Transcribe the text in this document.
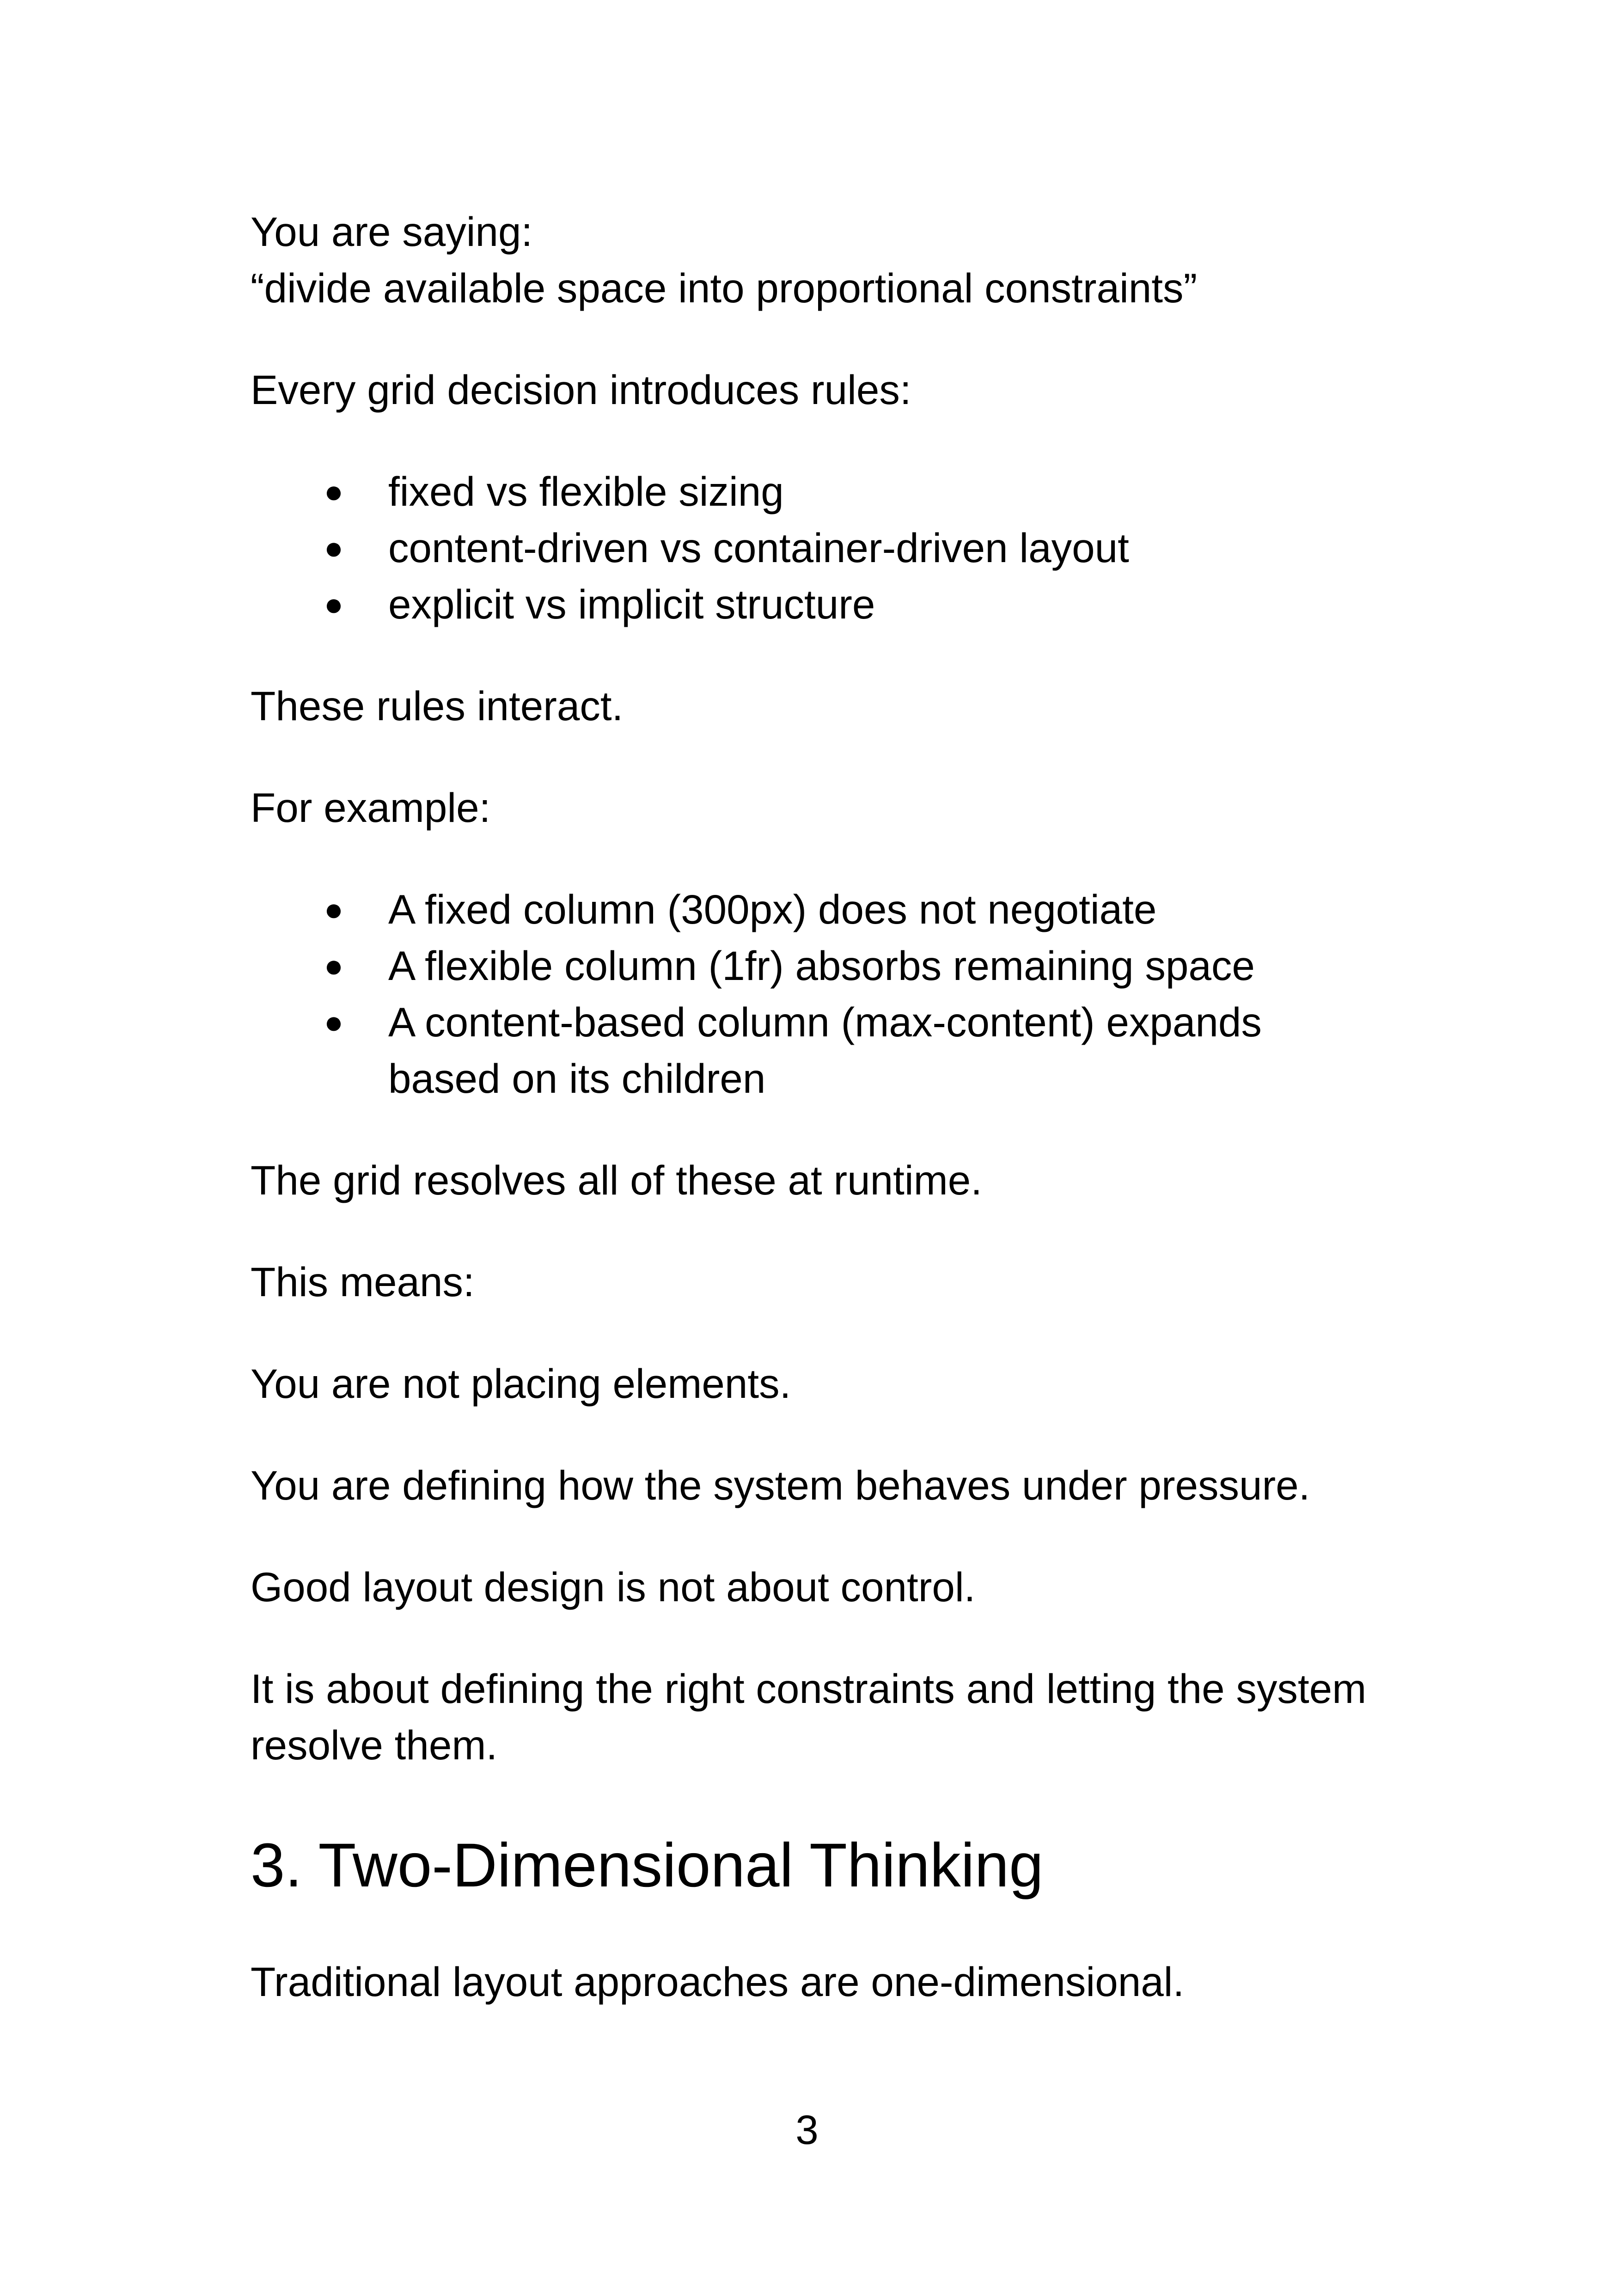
You are saying:

“divide available space into proportional constraints”

Every grid decision introduces rules:

● fixed vs flexible sizing
● content-driven vs container-driven layout
● explicit vs implicit structure

These rules interact.

For example:

● A fixed column (300px) does not negotiate
● A flexible column (1fr) absorbs remaining space
● A content-based column (max-content) expands based on its children

The grid resolves all of these at runtime.

This means:

You are not placing elements.

You are defining how the system behaves under pressure.

Good layout design is not about control.

It is about defining the right constraints and letting the system resolve them.

3. Two-Dimensional Thinking

Traditional layout approaches are one-dimensional.

3
